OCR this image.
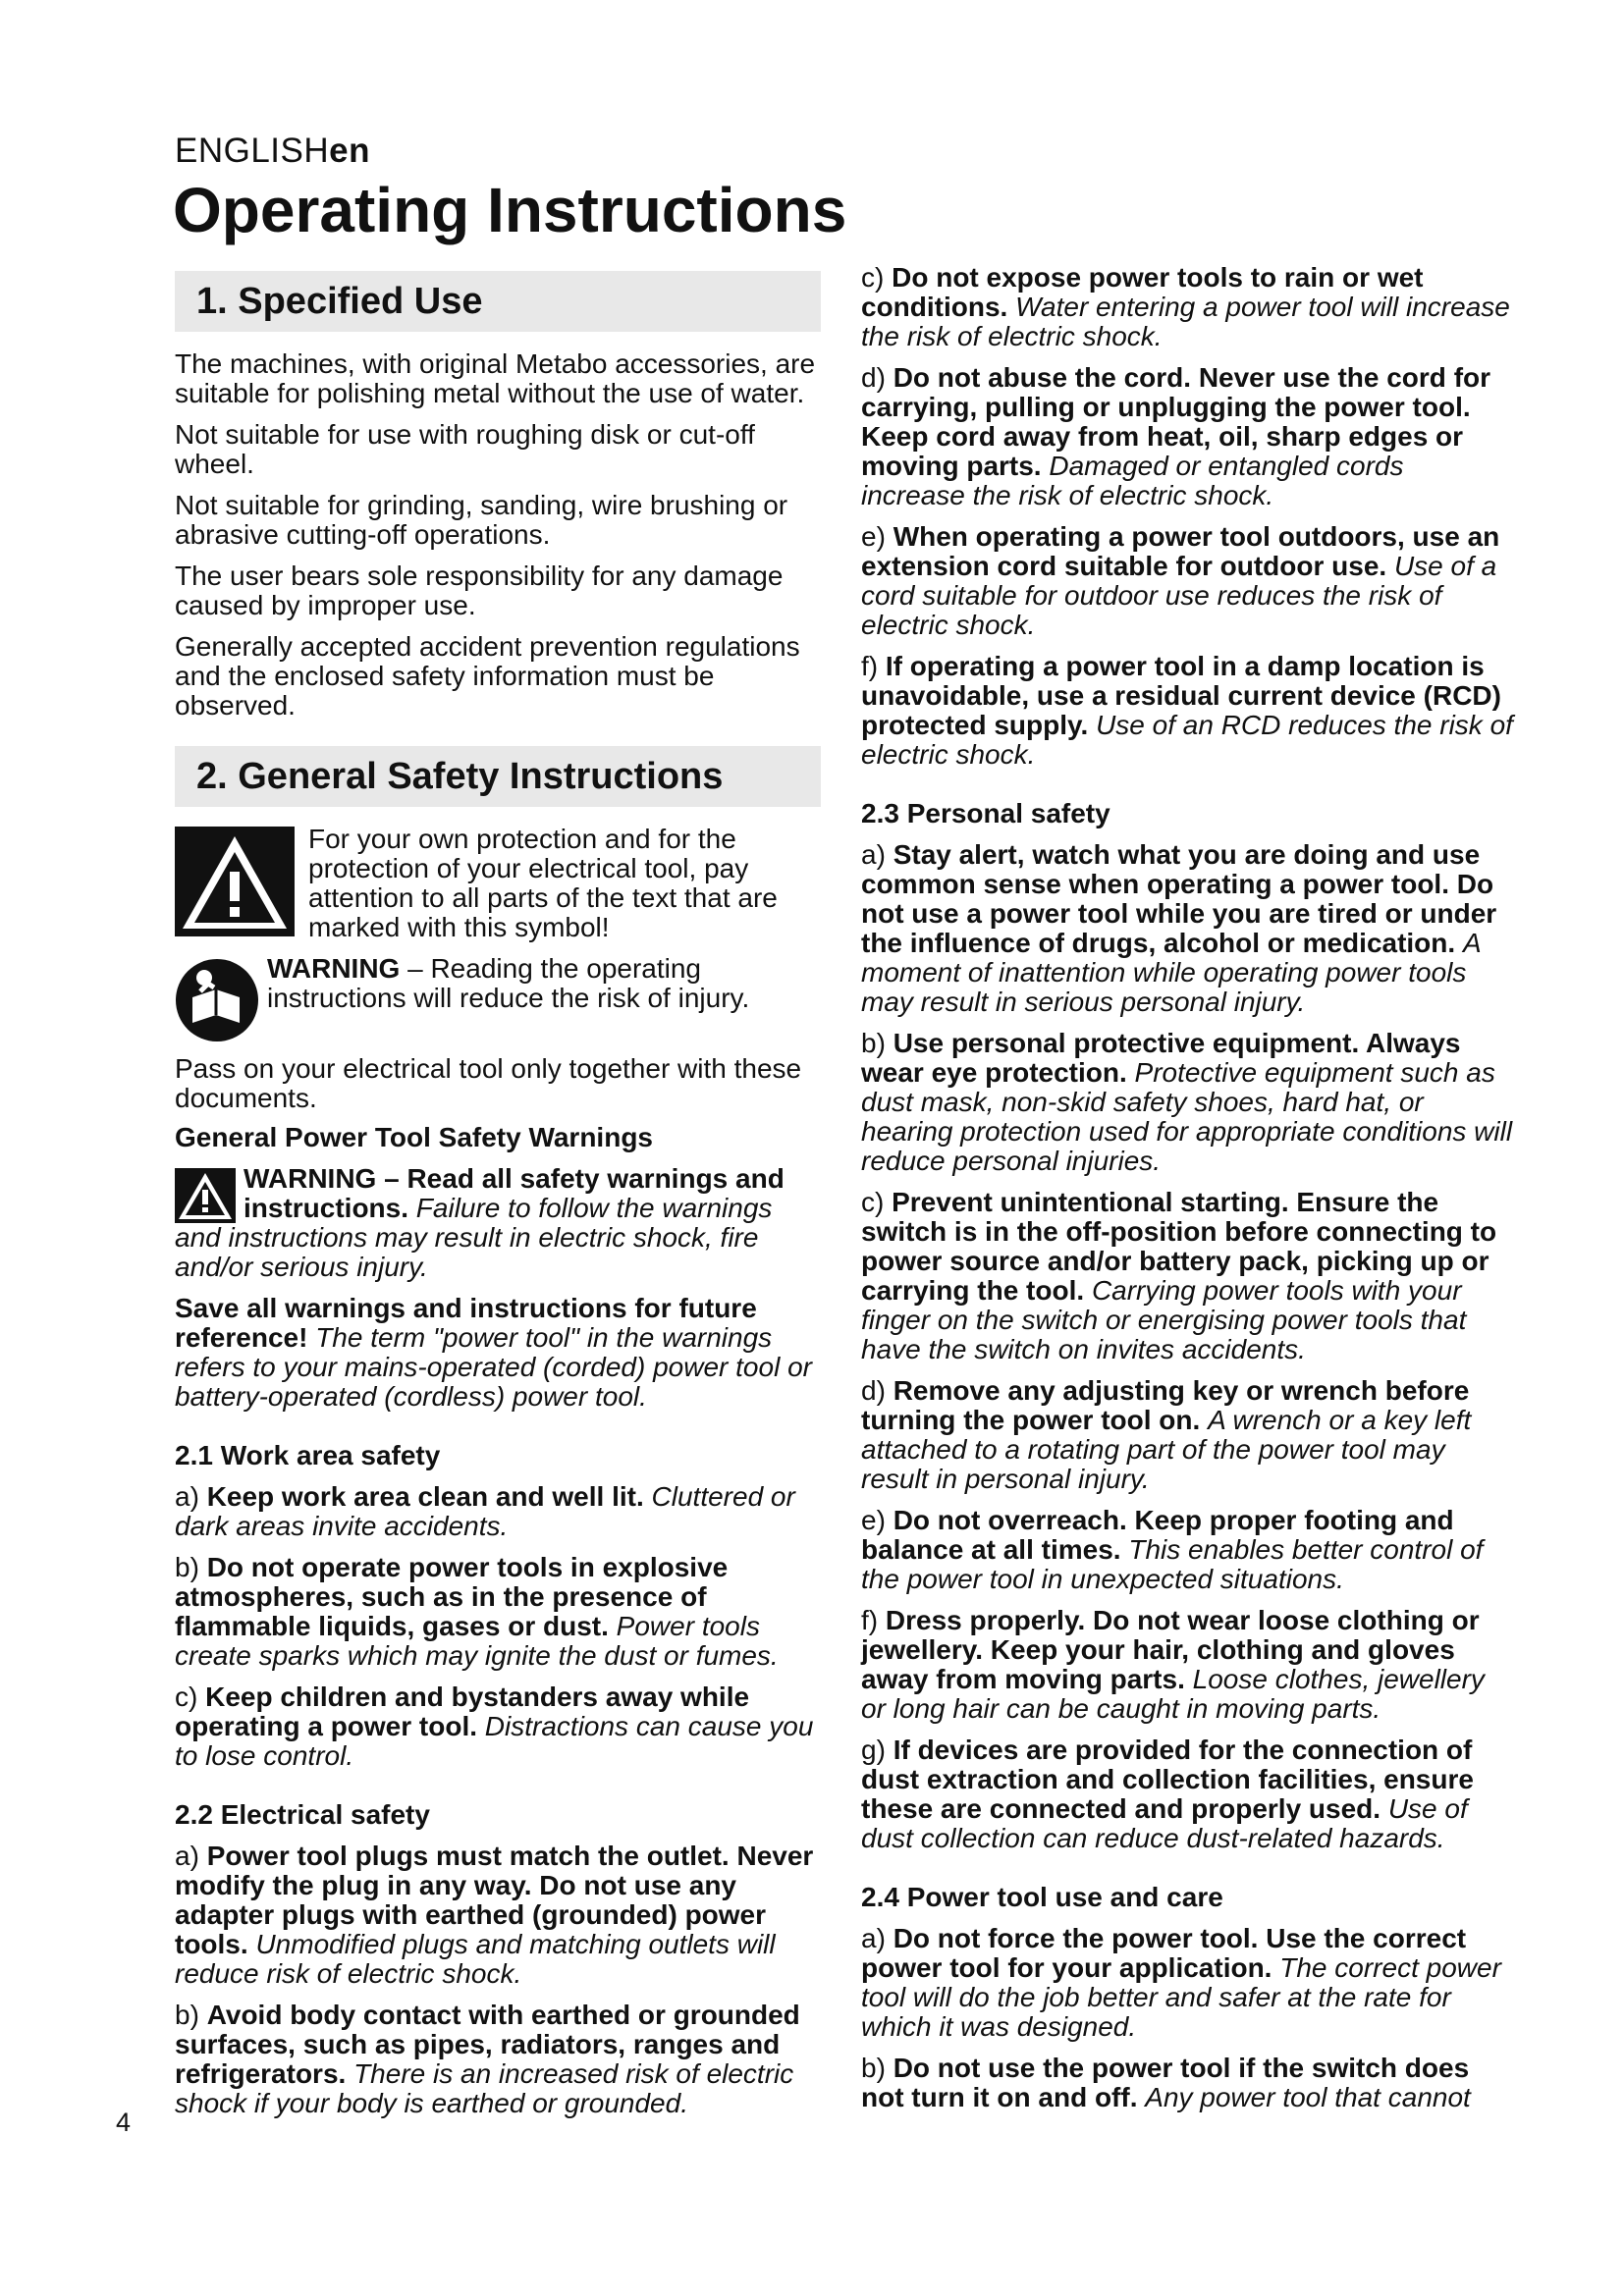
ENGLISHen
Operating Instructions
1. Specified Use

The machines, with original Metabo accessories, are suitable for polishing metal without the use of water.

Not suitable for use with roughing disk or cut-off wheel.

Not suitable for grinding, sanding, wire brushing or abrasive cutting-off operations.

The user bears sole responsibility for any damage caused by improper use.

Generally accepted accident prevention regulations and the enclosed safety information must be observed.

2. General Safety Instructions
For your own protection and for the protection of your electrical tool, pay attention to all parts of the text that are marked with this symbol!
WARNING – Reading the operating instructions will reduce the risk of injury.

Pass on your electrical tool only together with these documents.

General Power Tool Safety Warnings

WARNING – Read all safety warnings and instructions. Failure to follow the warnings and instructions may result in electric shock, fire and/or serious injury.

Save all warnings and instructions for future reference! The term "power tool" in the warnings refers to your mains-operated (corded) power tool or battery-operated (cordless) power tool.

2.1 Work area safety

a) Keep work area clean and well lit. Cluttered or dark areas invite accidents.

b) Do not operate power tools in explosive atmospheres, such as in the presence of flammable liquids, gases or dust. Power tools create sparks which may ignite the dust or fumes.

c) Keep children and bystanders away while operating a power tool. Distractions can cause you to lose control.

2.2 Electrical safety

a) Power tool plugs must match the outlet. Never modify the plug in any way. Do not use any adapter plugs with earthed (grounded) power tools. Unmodified plugs and matching outlets will reduce risk of electric shock.

b) Avoid body contact with earthed or grounded surfaces, such as pipes, radiators, ranges and refrigerators. There is an increased risk of electric shock if your body is earthed or grounded.

c) Do not expose power tools to rain or wet conditions. Water entering a power tool will increase the risk of electric shock.

d) Do not abuse the cord. Never use the cord for carrying, pulling or unplugging the power tool. Keep cord away from heat, oil, sharp edges or moving parts. Damaged or entangled cords increase the risk of electric shock.

e) When operating a power tool outdoors, use an extension cord suitable for outdoor use. Use of a cord suitable for outdoor use reduces the risk of electric shock.

f) If operating a power tool in a damp location is unavoidable, use a residual current device (RCD) protected supply. Use of an RCD reduces the risk of electric shock.

2.3 Personal safety

a) Stay alert, watch what you are doing and use common sense when operating a power tool. Do not use a power tool while you are tired or under the influence of drugs, alcohol or medication. A moment of inattention while operating power tools may result in serious personal injury.

b) Use personal protective equipment. Always wear eye protection. Protective equipment such as dust mask, non-skid safety shoes, hard hat, or hearing protection used for appropriate conditions will reduce personal injuries.

c) Prevent unintentional starting. Ensure the switch is in the off-position before connecting to power source and/or battery pack, picking up or carrying the tool. Carrying power tools with your finger on the switch or energising power tools that have the switch on invites accidents.

d) Remove any adjusting key or wrench before turning the power tool on. A wrench or a key left attached to a rotating part of the power tool may result in personal injury.

e) Do not overreach. Keep proper footing and balance at all times. This enables better control of the power tool in unexpected situations.

f) Dress properly. Do not wear loose clothing or jewellery. Keep your hair, clothing and gloves away from moving parts. Loose clothes, jewellery or long hair can be caught in moving parts.

g) If devices are provided for the connection of dust extraction and collection facilities, ensure these are connected and properly used. Use of dust collection can reduce dust-related hazards.

2.4 Power tool use and care

a) Do not force the power tool. Use the correct power tool for your application. The correct power tool will do the job better and safer at the rate for which it was designed.

b) Do not use the power tool if the switch does not turn it on and off. Any power tool that cannot

4
